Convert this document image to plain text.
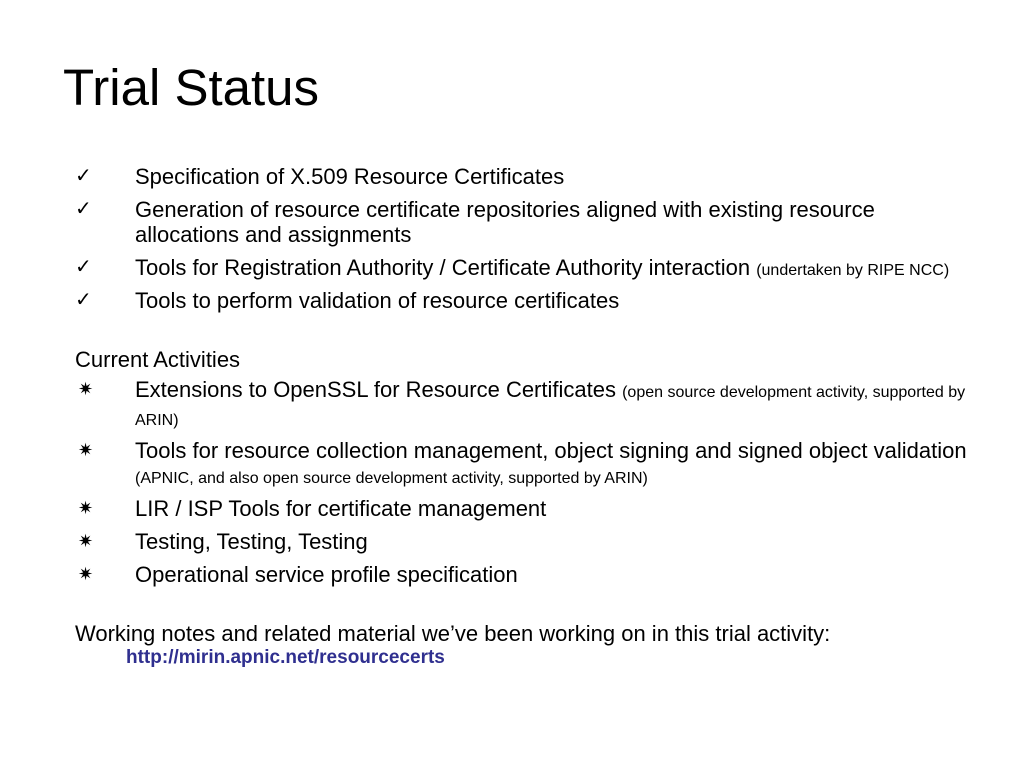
Trial Status
✓	Specification of X.509 Resource Certificates
✓	Generation of resource certificate repositories aligned with existing resource allocations and assignments
✓	Tools for Registration Authority / Certificate Authority interaction (undertaken by RIPE NCC)
✓	Tools to perform validation of resource certificates
Current Activities
✷	Extensions to OpenSSL for Resource Certificates (open source development activity, supported by ARIN)
✷	Tools for resource collection management, object signing and signed object validation (APNIC, and also open source development activity, supported by ARIN)
✷	LIR / ISP Tools for certificate management
✷	Testing, Testing, Testing
✷	Operational service profile specification
Working notes and related material we’ve been working on in this trial activity:
http://mirin.apnic.net/resourcecerts
